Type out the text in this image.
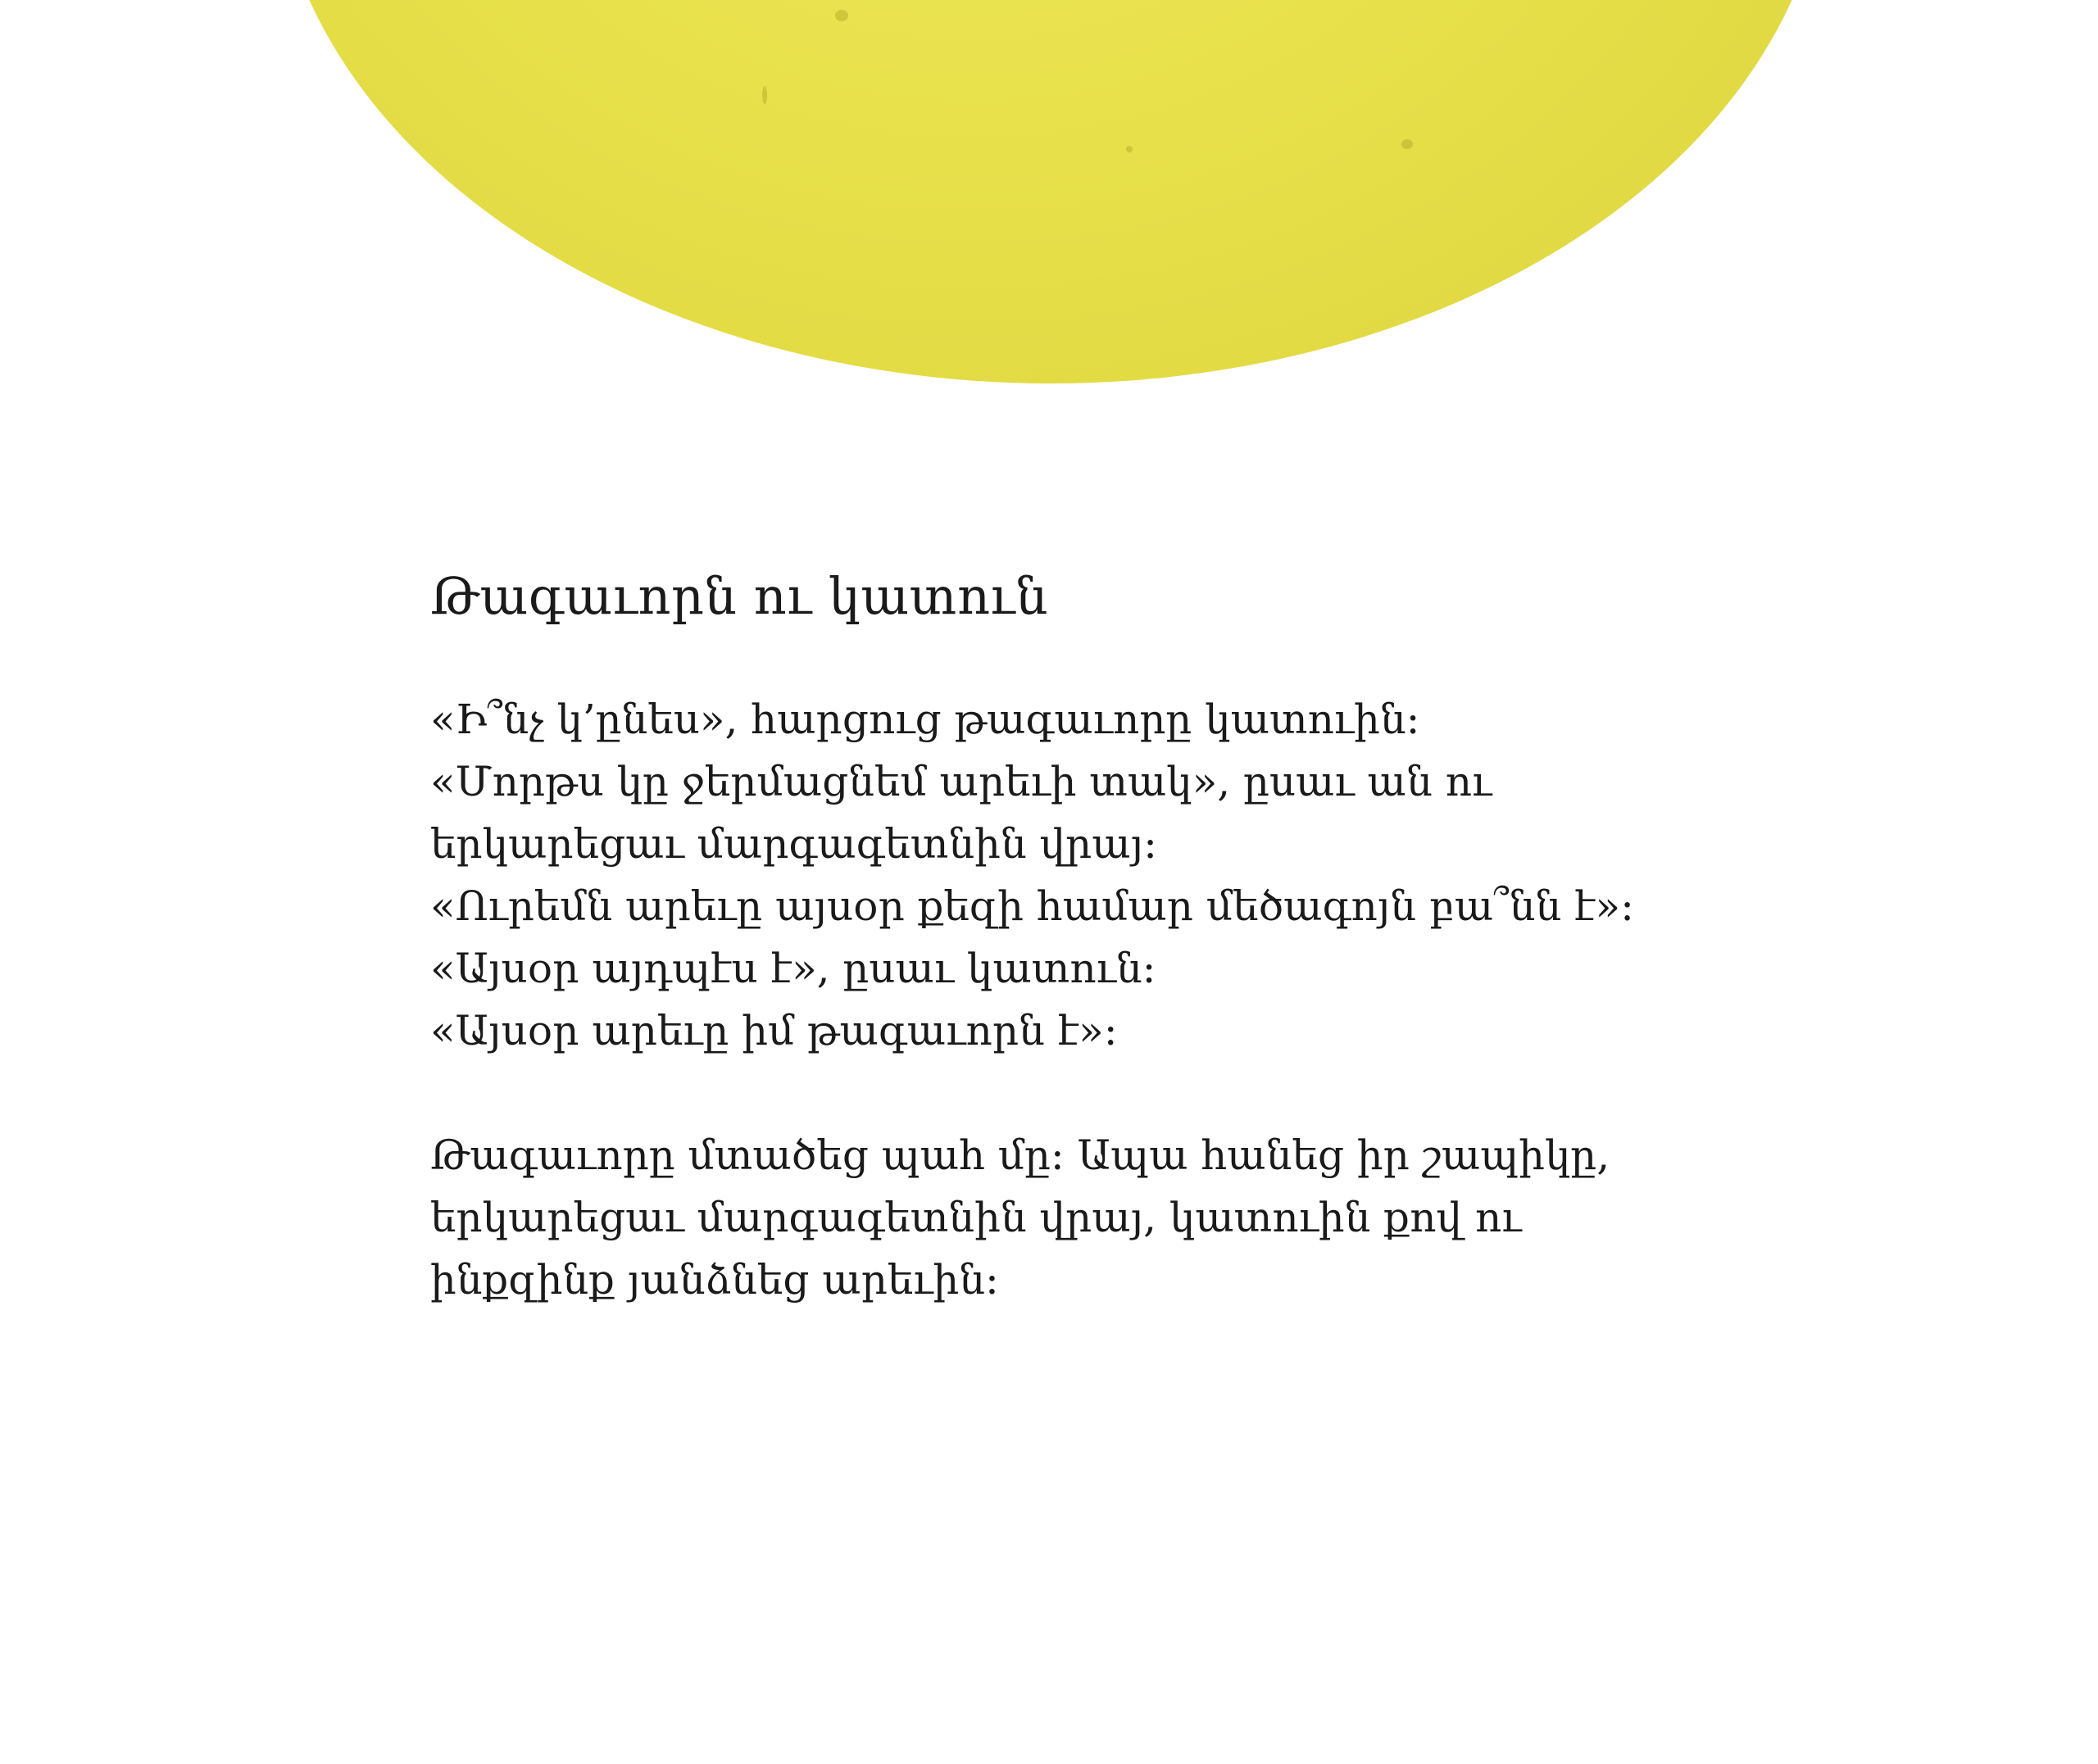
Թագաւորն ու կատուն
«Ի՞նչ կ’ընես», հարցուց թագաւորը կատուին:
«Մորթս կը ջերմացնեմ արեւի տակ», ըսաւ ան ու
երկարեցաւ մարգագետնին վրայ:
«Ուրեմն արեւը այսօր քեզի համար մեծագոյն բա՞նն է»:
«Այսօր այդպէս է», ըսաւ կատուն:
«Այսօր արեւը իմ թագաւորն է»:
Թագաւորը մտածեց պահ մը: Ապա հանեց իր շապիկը,
երկարեցաւ մարգագետնին վրայ, կատուին քով ու
ինքզինք յանձնեց արեւին:
